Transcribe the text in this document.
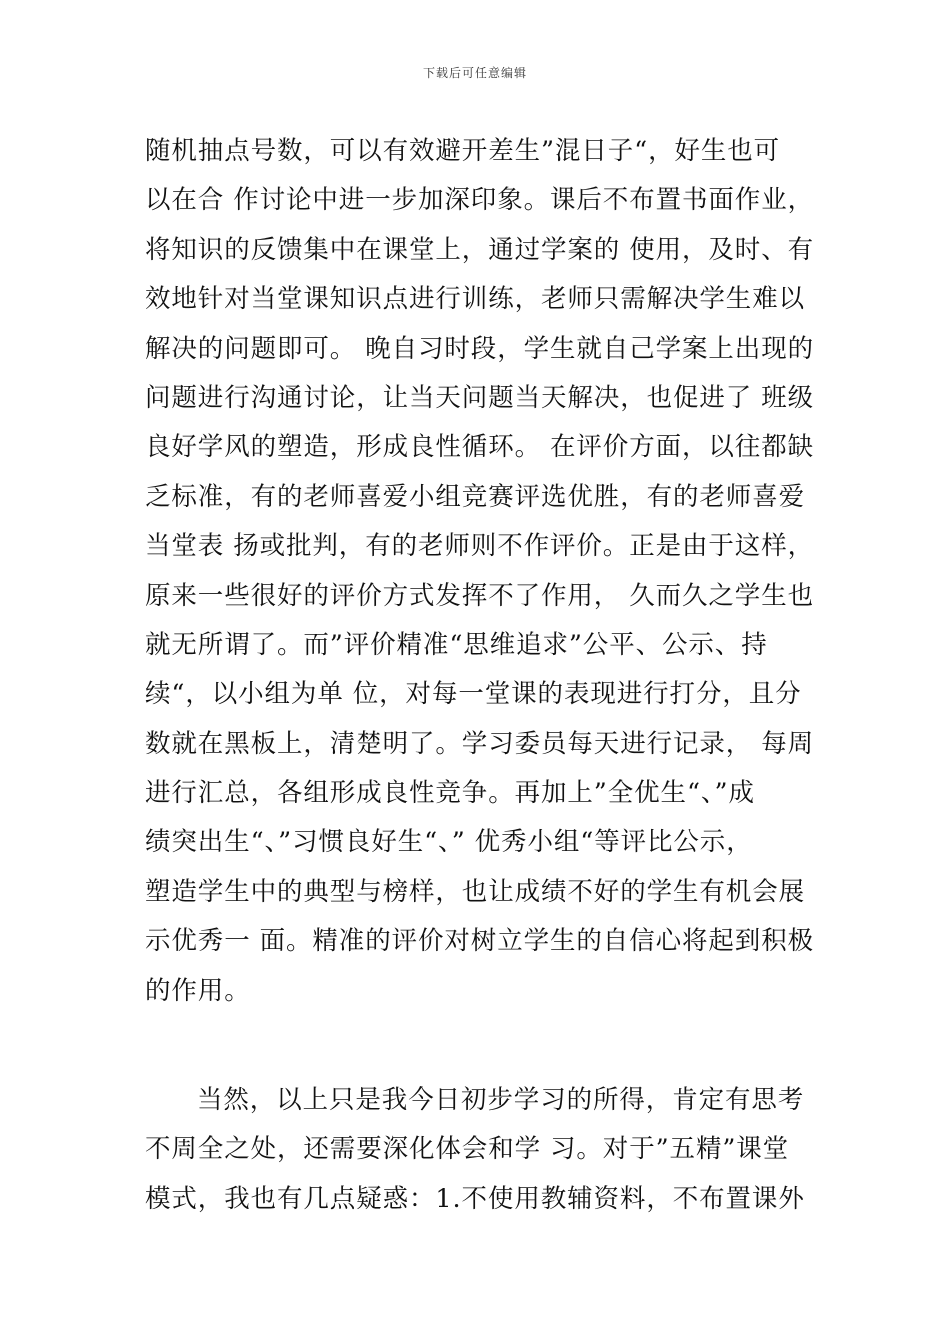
下载后可任意编辑
随机抽点号数，可以有效避开差生”混日子“，好生也可
以在合 作讨论中进一步加深印象。课后不布置书面作业，
将知识的反馈集中在课堂上，通过学案的 使用，及时、有
效地针对当堂课知识点进行训练，老师只需解决学生难以
解决的问题即可。 晚自习时段，学生就自己学案上出现的
问题进行沟通讨论，让当天问题当天解决，也促进了 班级
良好学风的塑造，形成良性循环。 在评价方面，以往都缺
乏标准，有的老师喜爱小组竞赛评选优胜，有的老师喜爱
当堂表 扬或批判，有的老师则不作评价。正是由于这样，
原来一些很好的评价方式发挥不了作用， 久而久之学生也
就无所谓了。而”评价精准“思维追求”公平、公示、持
续“，以小组为单 位，对每一堂课的表现进行打分，且分
数就在黑板上，清楚明了。学习委员每天进行记录， 每周
进行汇总，各组形成良性竞争。再加上”全优生“、”成
绩突出生“、”习惯良好生“、” 优秀小组“等评比公示，
塑造学生中的典型与榜样，也让成绩不好的学生有机会展
示优秀一 面。精准的评价对树立学生的自信心将起到积极
的作用。
当然，以上只是我今日初步学习的所得，肯定有思考
不周全之处，还需要深化体会和学 习。对于”五精”课堂
模式，我也有几点疑惑：1.不使用教辅资料，不布置课外
